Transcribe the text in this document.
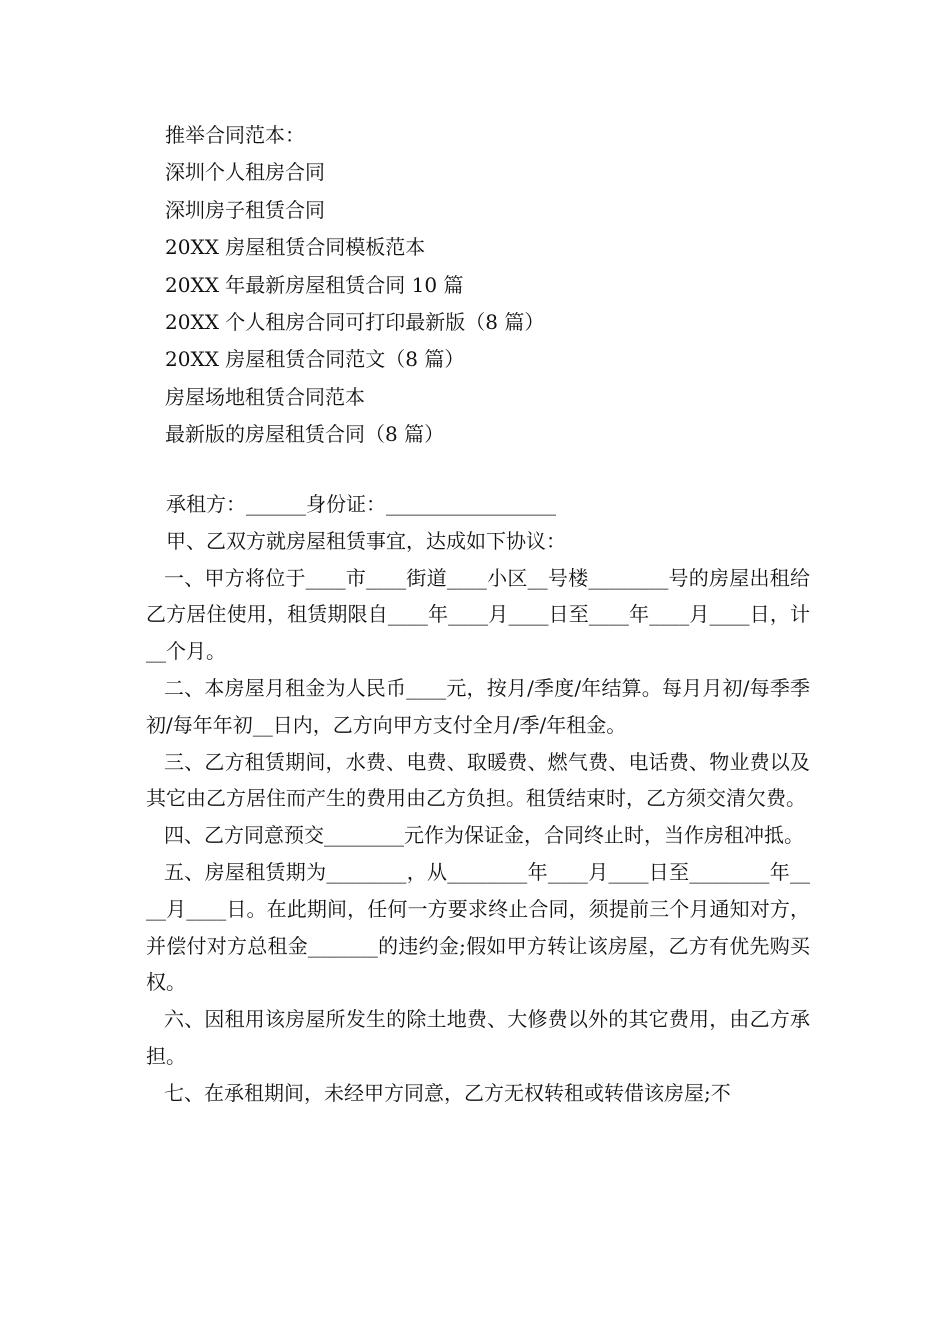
推举合同范本：
深圳个人租房合同
深圳房子租赁合同
20XX 房屋租赁合同模板范本
20XX 年最新房屋租赁合同 10 篇
20XX 个人租房合同可打印最新版（8 篇）
20XX 房屋租赁合同范文（8 篇）
房屋场地租赁合同范本
最新版的房屋租赁合同（8 篇）

承租方：______身份证：_________________

甲、乙双方就房屋租赁事宜，达成如下协议：

一、甲方将位于____市____街道____小区__号楼________号的房屋出租给乙方居住使用，租赁期限自____年____月____日至____年____月____日，计__个月。

二、本房屋月租金为人民币____元，按月/季度/年结算。每月月初/每季季初/每年年初__日内，乙方向甲方支付全月/季/年租金。

三、乙方租赁期间，水费、电费、取暖费、燃气费、电话费、物业费以及其它由乙方居住而产生的费用由乙方负担。租赁结束时，乙方须交清欠费。

四、乙方同意预交________元作为保证金，合同终止时，当作房租冲抵。

五、房屋租赁期为________，从________年____月____日至________年____月____日。在此期间，任何一方要求终止合同，须提前三个月通知对方，并偿付对方总租金_______的违约金;假如甲方转让该房屋，乙方有优先购买权。

六、因租用该房屋所发生的除土地费、大修费以外的其它费用，由乙方承担。

七、在承租期间，未经甲方同意，乙方无权转租或转借该房屋;不
